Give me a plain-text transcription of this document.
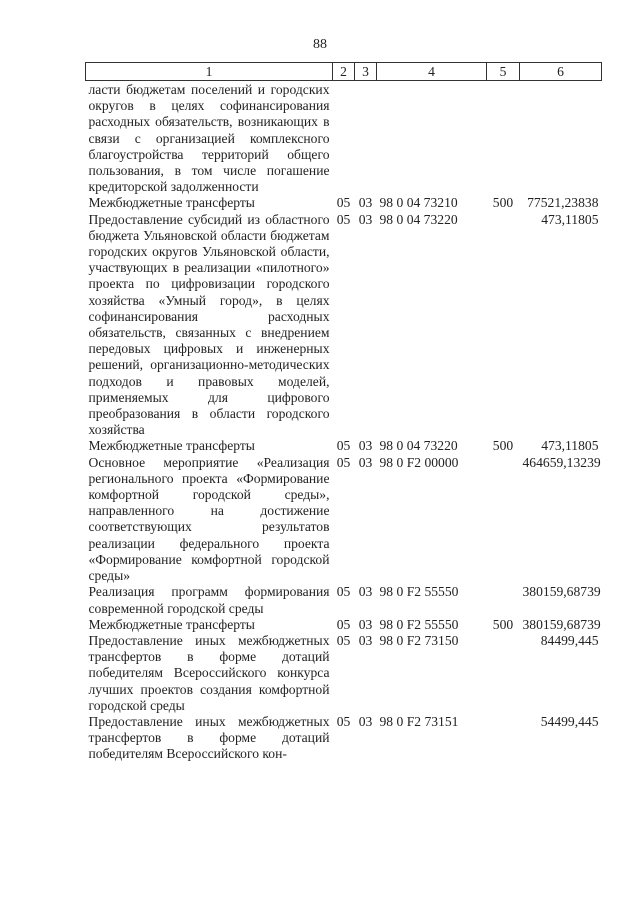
88
1	2	3	4	5	6
ласти бюджетам поселений и городских округов в целях софинансирования расходных обязательств, возникающих в связи с организацией комплексного благоустройства территорий общего пользования, в том числе погашение кредиторской задолженности					
Межбюджетные трансферты	05	03	98 0 04 73210	500	77521,23838
Предоставление субсидий из областного бюджета Ульяновской области бюджетам городских округов Ульяновской области, участвующих в реализации «пилотного» проекта по цифровизации городского хозяйства «Умный город», в целях софинансирования расходных обязательств, связанных с внедрением передовых цифровых и инженерных решений, организационно-методических подходов и правовых моделей, применяемых для цифрового преобразования в области городского хозяйства	05	03	98 0 04 73220		473,11805
Межбюджетные трансферты	05	03	98 0 04 73220	500	473,11805
Основное мероприятие «Реализация регионального проекта «Формирование комфортной городской среды», направленного на достижение соответствующих результатов реализации федерального проекта «Формирование комфортной городской среды»	05	03	98 0 F2 00000		464659,13239
Реализация программ формирования современной городской среды	05	03	98 0 F2 55550		380159,68739
Межбюджетные трансферты	05	03	98 0 F2 55550	500	380159,68739
Предоставление иных межбюджетных трансфертов в форме дотаций победителям Всероссийского конкурса лучших проектов создания комфортной городской среды	05	03	98 0 F2 73150		84499,445
Предоставление иных межбюджетных трансфертов в форме дотаций победителям Всероссийского кон-	05	03	98 0 F2 73151		54499,445
